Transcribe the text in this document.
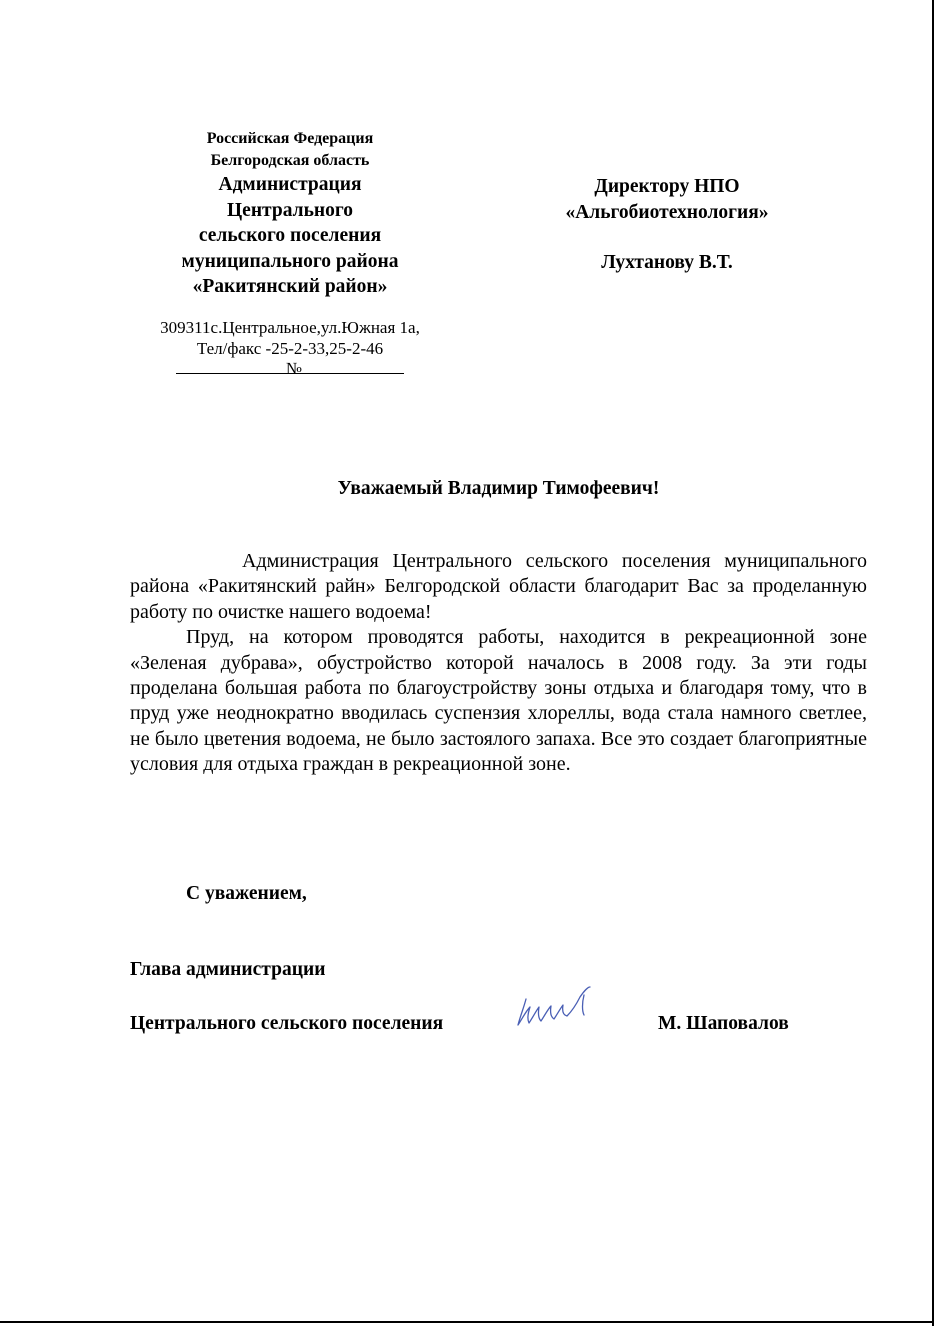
Российская Федерация
Белгородская область
Администрация
Центрального
сельского поселения
муниципального района
«Ракитянский район»
309311с.Центральное,ул.Южная 1а,
Тел/факс -25-2-33,25-2-46
№
Директору НПО
«Альгобиотехнология»
Лухтанову В.Т.
Уважаемый Владимир Тимофеевич!

Администрация Центрального сельского поселения муниципального района «Ракитянский райн» Белгородской области благодарит Вас за проделанную работу по очистке нашего водоема!

Пруд, на котором проводятся работы, находится в рекреационной зоне «Зеленая дубрава», обустройство которой началось в 2008 году. За эти годы проделана большая работа по благоустройству зоны отдыха и благодаря тому, что в пруд уже неоднократно вводилась суспензия хлореллы, вода стала намного светлее, не было цветения водоема, не было застоялого запаха. Все это создает благоприятные условия для отдыха граждан в рекреационной зоне.

С уважением,
Глава администрации
Центрального сельского поселения	М. Шаповалов
